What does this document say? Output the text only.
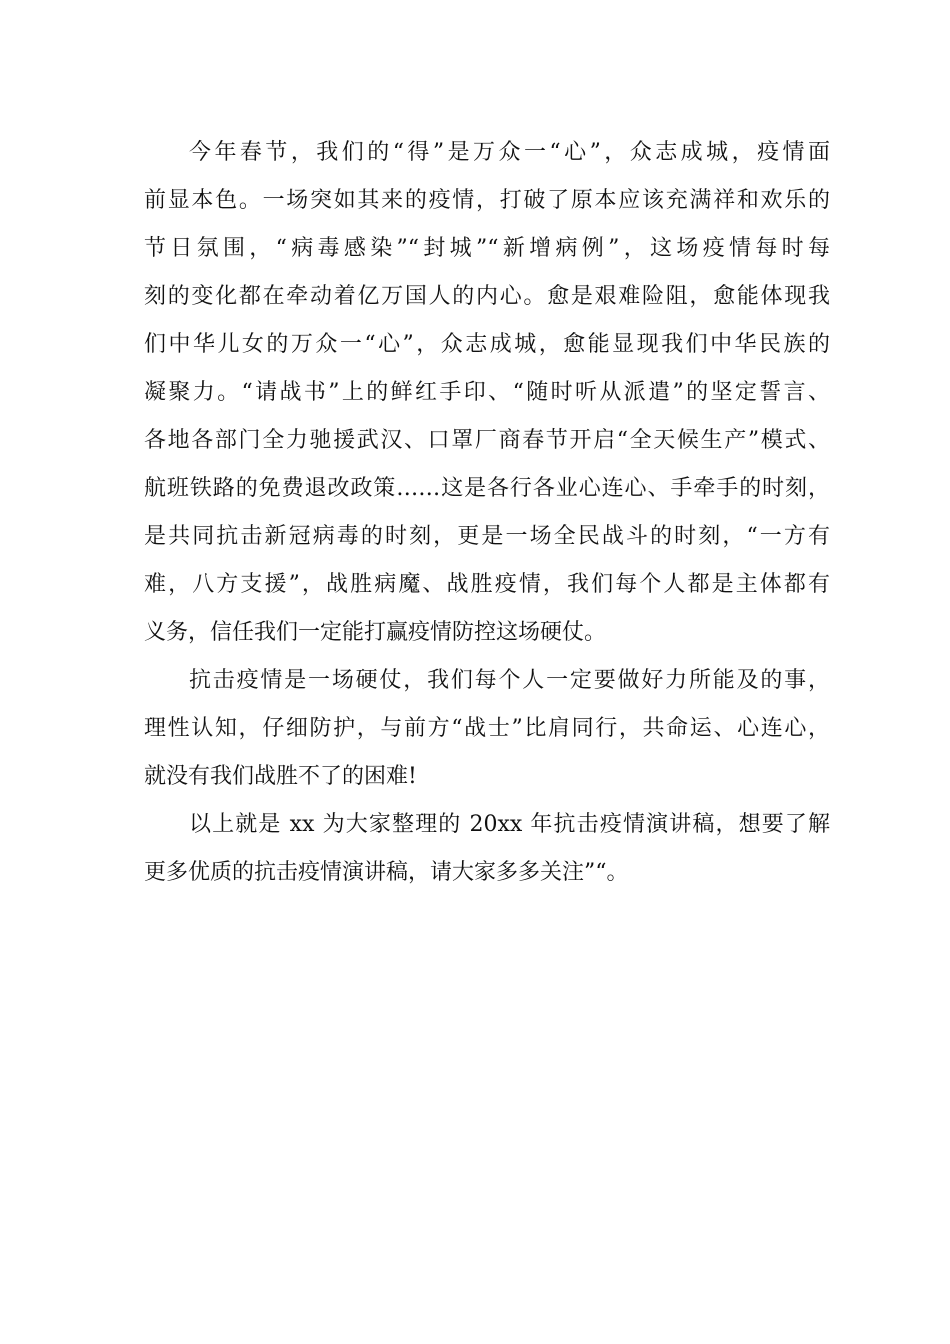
今年春节，我们的“得”是万众一“心”，众志成城，疫情面
前显本色。一场突如其来的疫情，打破了原本应该充满祥和欢乐的
节日氛围，“病毒感染”“封城”“新增病例”，这场疫情每时每
刻的变化都在牵动着亿万国人的内心。愈是艰难险阻，愈能体现我
们中华儿女的万众一“心”，众志成城，愈能显现我们中华民族的
凝聚力。“请战书”上的鲜红手印、“随时听从派遣”的坚定誓言、
各地各部门全力驰援武汉、口罩厂商春节开启“全天候生产”模式、
航班铁路的免费退改政策……这是各行各业心连心、手牵手的时刻，
是共同抗击新冠病毒的时刻，更是一场全民战斗的时刻，“一方有
难，八方支援”，战胜病魔、战胜疫情，我们每个人都是主体都有
义务，信任我们一定能打赢疫情防控这场硬仗。
抗击疫情是一场硬仗，我们每个人一定要做好力所能及的事，
理性认知，仔细防护，与前方“战士”比肩同行，共命运、心连心，
就没有我们战胜不了的困难!
以上就是 xx 为大家整理的 20xx 年抗击疫情演讲稿，想要了解
更多优质的抗击疫情演讲稿，请大家多多关注”“。
